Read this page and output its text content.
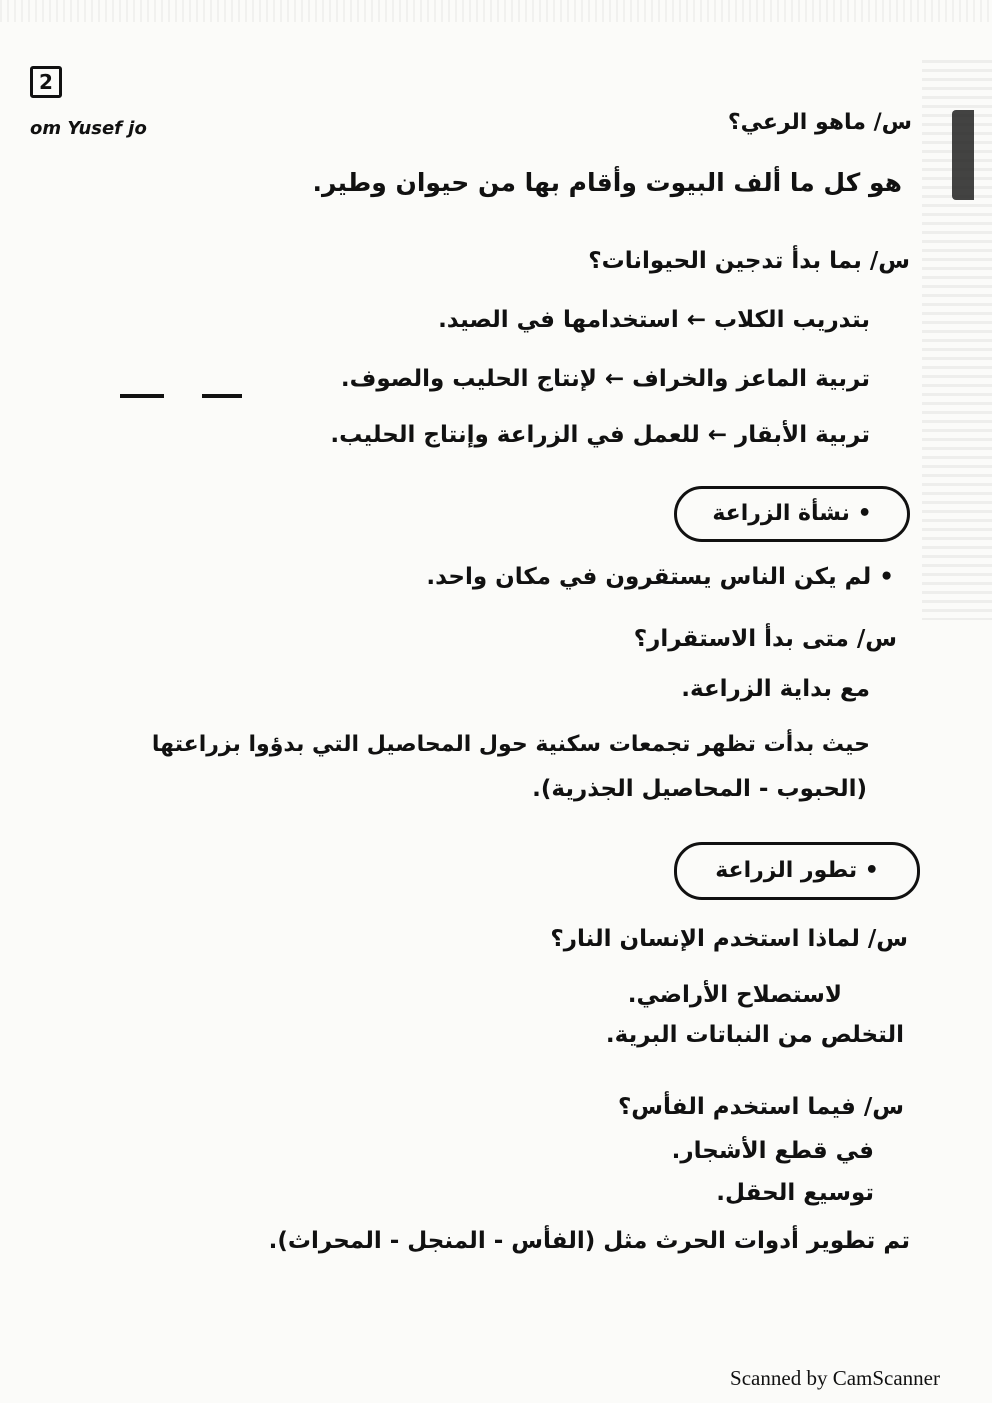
2
om Yusef jo	س/ ماهو الرعي؟
هو كل ما ألف البيوت وأقام بها من حيوان وطير.
س/ بما بدأ تدجين الحيوانات؟
بتدريب الكلاب ← استخدامها في الصيد.
تربية الماعز والخراف ← لإنتاج الحليب والصوف.
تربية الأبقار ← للعمل في الزراعة وإنتاج الحليب.
• نشأة الزراعة
• لم يكن الناس يستقرون في مكان واحد.
س/ متى بدأ الاستقرار؟
مع بداية الزراعة.
حيث بدأت تظهر تجمعات سكنية حول المحاصيل التي بدؤوا بزراعتها
(الحبوب - المحاصيل الجذرية).
• تطور الزراعة
س/ لماذا استخدم الإنسان النار؟
لاستصلاح الأراضي.
التخلص من النباتات البرية.
س/ فيما استخدم الفأس؟
في قطع الأشجار.
توسيع الحقل.
تم تطوير أدوات الحرث مثل (الفأس - المنجل - المحراث).
Scanned by CamScanner
